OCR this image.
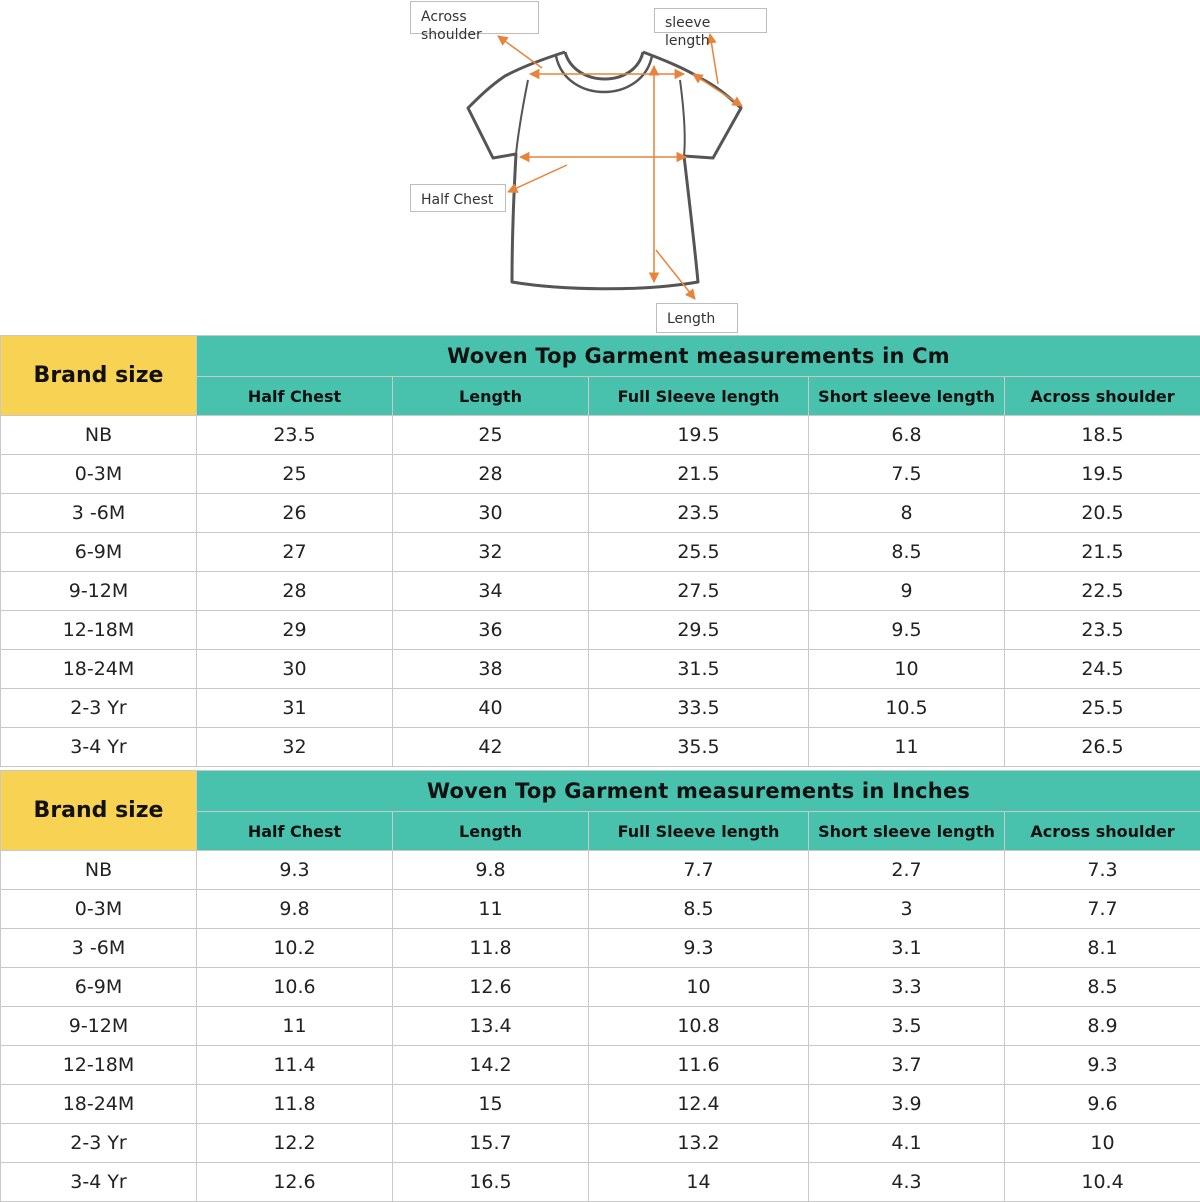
Across shoulder
sleeve length
Half Chest
Length
Brand size	Woven Top Garment measurements in Cm				
	Half Chest	Length	Full Sleeve length	Short sleeve length	Across shoulder
NB	23.5	25	19.5	6.8	18.5
0-3M	25	28	21.5	7.5	19.5
3 -6M	26	30	23.5	8	20.5
6-9M	27	32	25.5	8.5	21.5
9-12M	28	34	27.5	9	22.5
12-18M	29	36	29.5	9.5	23.5
18-24M	30	38	31.5	10	24.5
2-3 Yr	31	40	33.5	10.5	25.5
3-4 Yr	32	42	35.5	11	26.5
Brand size	Woven Top Garment measurements in Inches				
	Half Chest	Length	Full Sleeve length	Short sleeve length	Across shoulder
NB	9.3	9.8	7.7	2.7	7.3
0-3M	9.8	11	8.5	3	7.7
3 -6M	10.2	11.8	9.3	3.1	8.1
6-9M	10.6	12.6	10	3.3	8.5
9-12M	11	13.4	10.8	3.5	8.9
12-18M	11.4	14.2	11.6	3.7	9.3
18-24M	11.8	15	12.4	3.9	9.6
2-3 Yr	12.2	15.7	13.2	4.1	10
3-4 Yr	12.6	16.5	14	4.3	10.4
